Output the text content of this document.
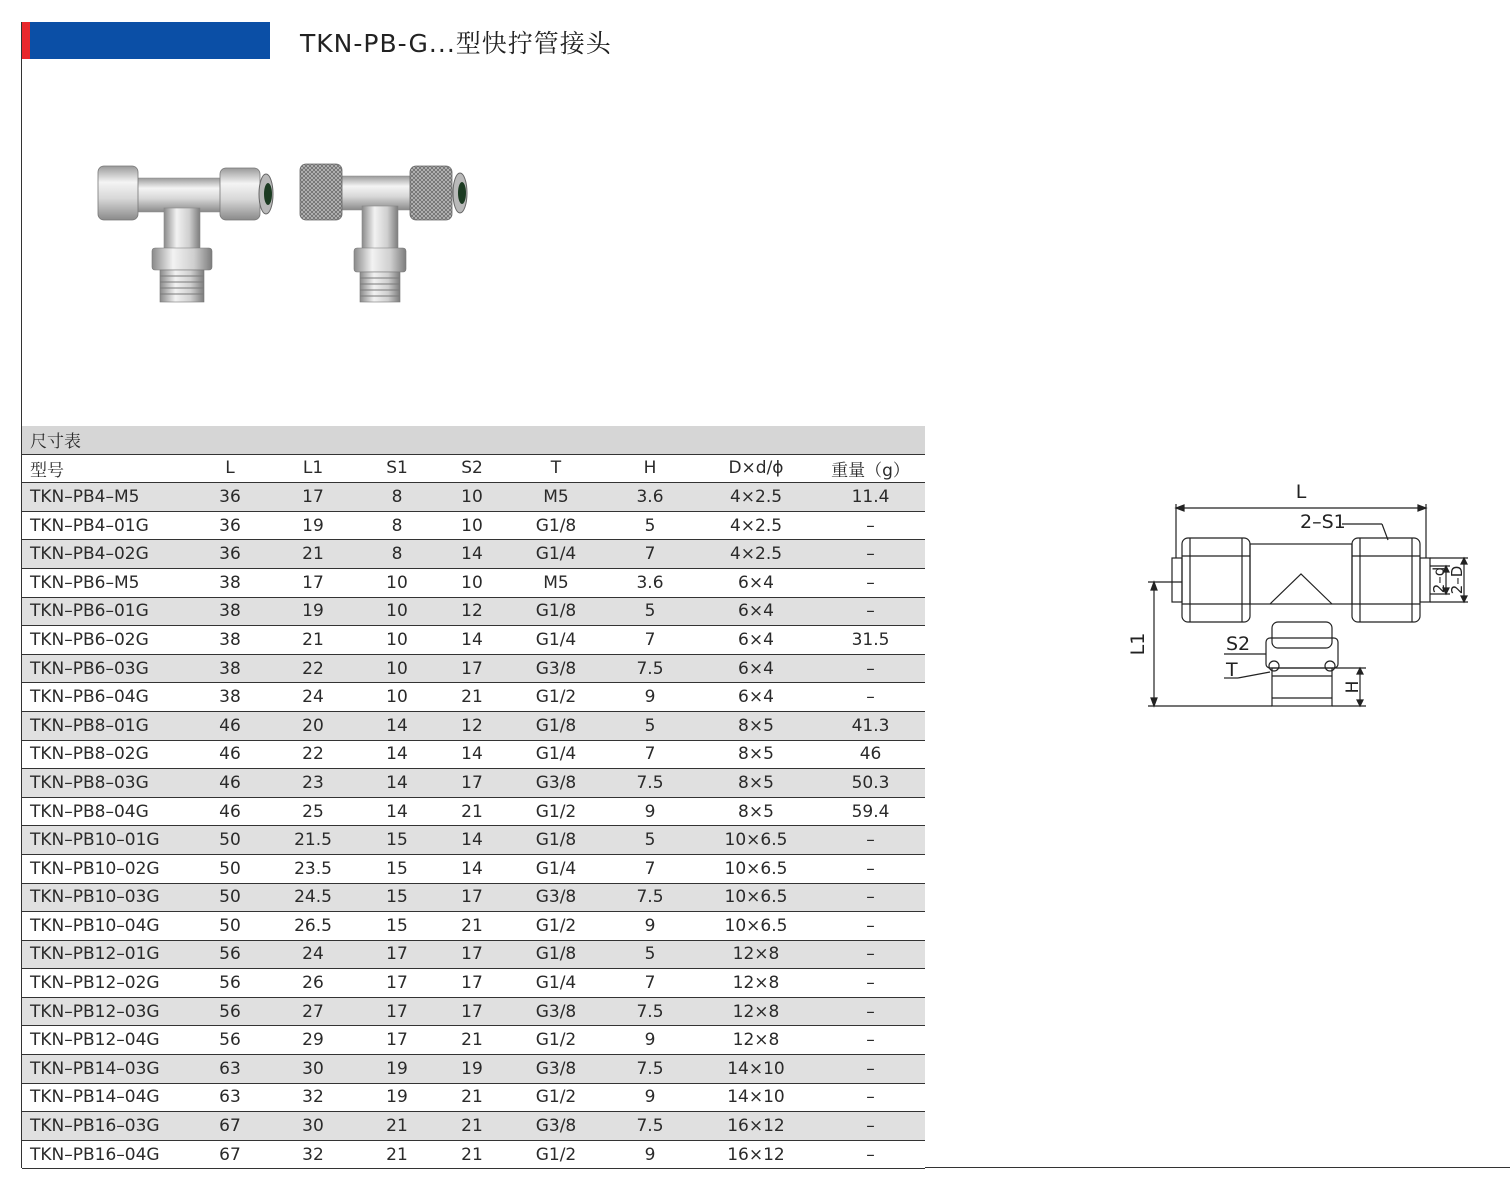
TKN-PB-G...型快拧管接头
尺寸表								
型号	L	L1	S1	S2	T	H	D×d/ϕ	重量（g）
TKN–PB4–M5	36	17	8	10	M5	3.6	4×2.5	11.4
TKN–PB4–01G	36	19	8	10	G1/8	5	4×2.5	–
TKN–PB4–02G	36	21	8	14	G1/4	7	4×2.5	–
TKN–PB6–M5	38	17	10	10	M5	3.6	6×4	–
TKN–PB6–01G	38	19	10	12	G1/8	5	6×4	–
TKN–PB6–02G	38	21	10	14	G1/4	7	6×4	31.5
TKN–PB6–03G	38	22	10	17	G3/8	7.5	6×4	–
TKN–PB6–04G	38	24	10	21	G1/2	9	6×4	–
TKN–PB8–01G	46	20	14	12	G1/8	5	8×5	41.3
TKN–PB8–02G	46	22	14	14	G1/4	7	8×5	46
TKN–PB8–03G	46	23	14	17	G3/8	7.5	8×5	50.3
TKN–PB8–04G	46	25	14	21	G1/2	9	8×5	59.4
TKN–PB10–01G	50	21.5	15	14	G1/8	5	10×6.5	–
TKN–PB10–02G	50	23.5	15	14	G1/4	7	10×6.5	–
TKN–PB10–03G	50	24.5	15	17	G3/8	7.5	10×6.5	–
TKN–PB10–04G	50	26.5	15	21	G1/2	9	10×6.5	–
TKN–PB12–01G	56	24	17	17	G1/8	5	12×8	–
TKN–PB12–02G	56	26	17	17	G1/4	7	12×8	–
TKN–PB12–03G	56	27	17	17	G3/8	7.5	12×8	–
TKN–PB12–04G	56	29	17	21	G1/2	9	12×8	–
TKN–PB14–03G	63	30	19	19	G3/8	7.5	14×10	–
TKN–PB14–04G	63	32	19	21	G1/2	9	14×10	–
TKN–PB16–03G	67	30	21	21	G3/8	7.5	16×12	–
TKN–PB16–04G	67	32	21	21	G1/2	9	16×12	–
L
2–S1
L1	S2
T
2–d 2–D
H
